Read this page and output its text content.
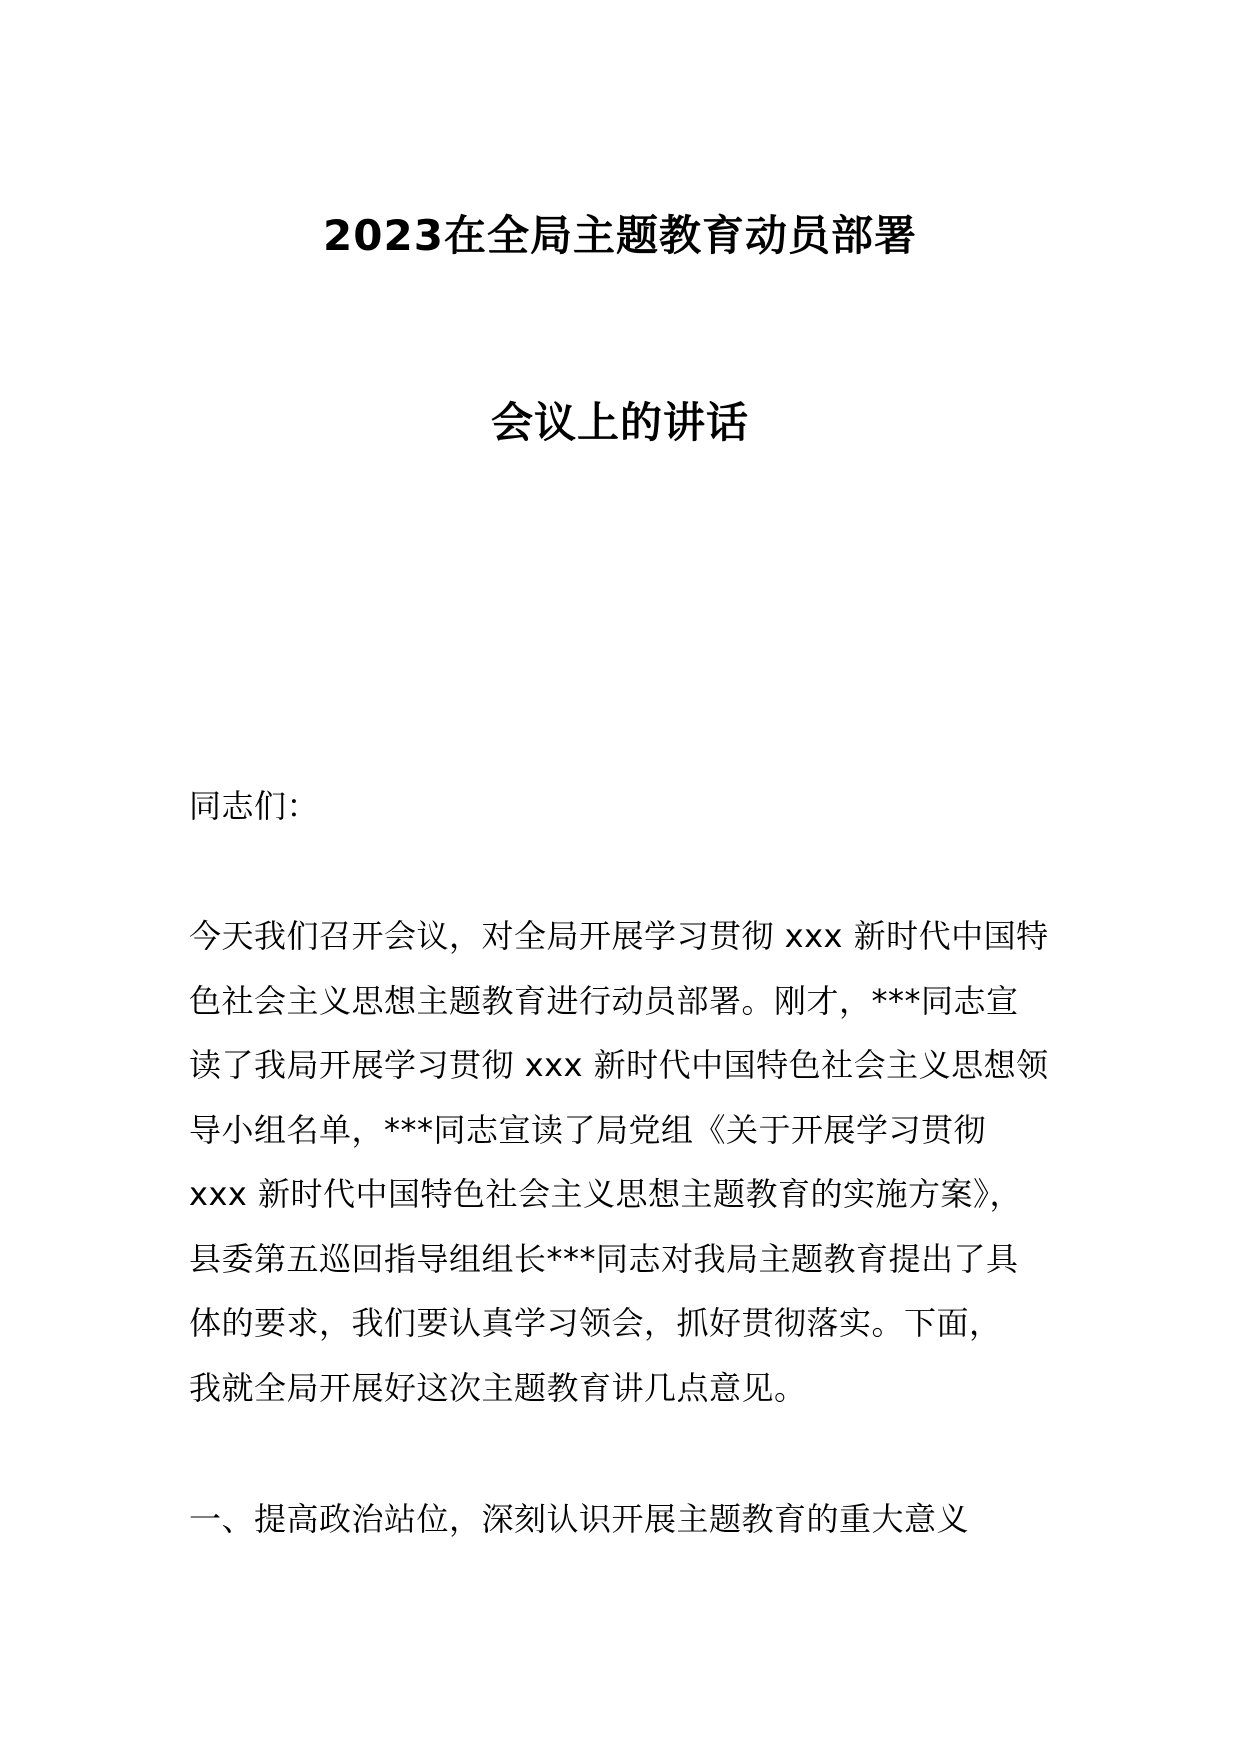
2023在全局主题教育动员部署
会议上的讲话
同志们：
今天我们召开会议，对全局开展学习贯彻 xxx 新时代中国特
色社会主义思想主题教育进行动员部署。刚才，***同志宣
读了我局开展学习贯彻 xxx 新时代中国特色社会主义思想领
导小组名单，***同志宣读了局党组《关于开展学习贯彻
xxx 新时代中国特色社会主义思想主题教育的实施方案》，
县委第五巡回指导组组长***同志对我局主题教育提出了具
体的要求，我们要认真学习领会，抓好贯彻落实。下面，
我就全局开展好这次主题教育讲几点意见。
一、提高政治站位，深刻认识开展主题教育的重大意义
